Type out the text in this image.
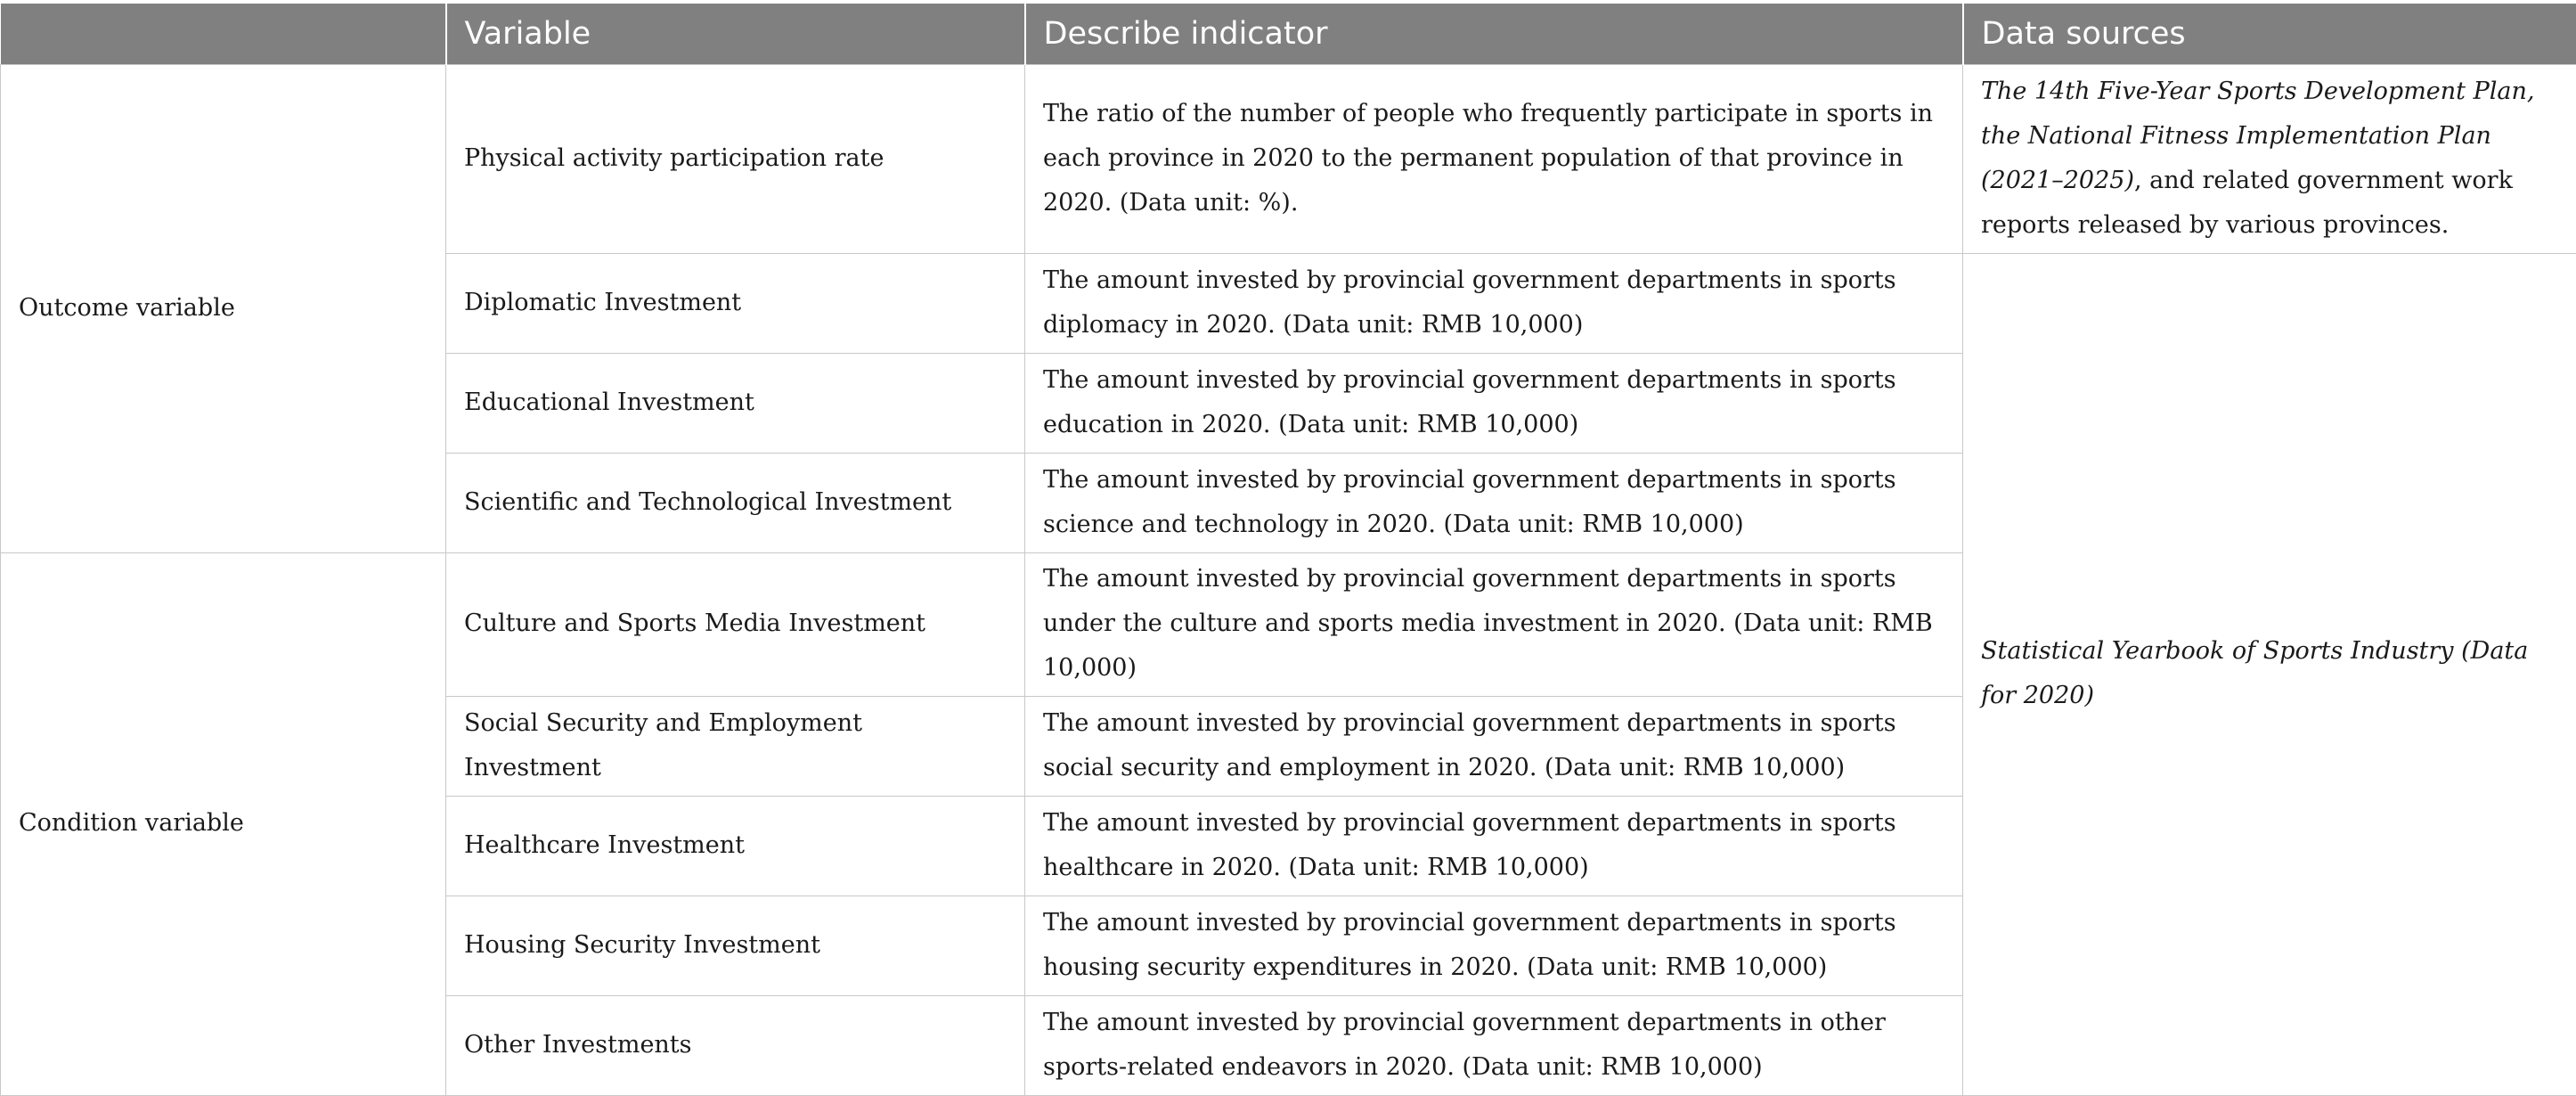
	Variable	Describe indicator	Data sources
Outcome variable	Physical activity participation rate	The ratio of the number of people who frequently participate in sports in each province in 2020 to the permanent population of that province in 2020. (Data unit: %).	The 14th Five-Year Sports Development Plan, the National Fitness Implementation Plan (2021–2025), and related government work reports released by various provinces.
	Diplomatic Investment	The amount invested by provincial government departments in sports diplomacy in 2020. (Data unit: RMB 10,000)	Statistical Yearbook of Sports Industry (Data for 2020)
	Educational Investment	The amount invested by provincial government departments in sports education in 2020. (Data unit: RMB 10,000)	
	Scientific and Technological Investment	The amount invested by provincial government departments in sports science and technology in 2020. (Data unit: RMB 10,000)	
Condition variable	Culture and Sports Media Investment	The amount invested by provincial government departments in sports under the culture and sports media investment in 2020. (Data unit: RMB 10,000)	
	Social Security and Employment Investment	The amount invested by provincial government departments in sports social security and employment in 2020. (Data unit: RMB 10,000)	
	Healthcare Investment	The amount invested by provincial government departments in sports healthcare in 2020. (Data unit: RMB 10,000)	
	Housing Security Investment	The amount invested by provincial government departments in sports housing security expenditures in 2020. (Data unit: RMB 10,000)	
	Other Investments	The amount invested by provincial government departments in other sports-related endeavors in 2020. (Data unit: RMB 10,000)	
